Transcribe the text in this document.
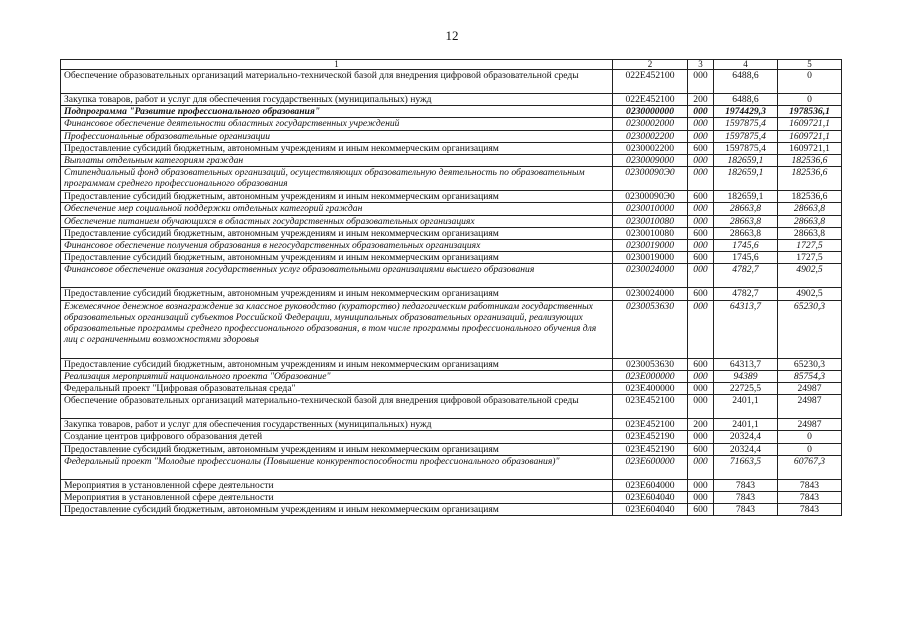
12
1	2	3	4	5
Обеспечение образовательных организаций материально-технической базой для внедрения цифровой образовательной среды	022E452100	000	6488,6	0
Закупка товаров, работ и услуг для обеспечения государственных (муниципальных) нужд	022E452100	200	6488,6	0
Подпрограмма "Развитие профессионального образования"	0230000000	000	1974429,3	1978536,1
Финансовое обеспечение деятельности областных государственных учреждений	0230002000	000	1597875,4	1609721,1
Профессиональные образовательные организации	0230002200	000	1597875,4	1609721,1
Предоставление субсидий бюджетным, автономным учреждениям и иным некоммерческим организациям	0230002200	600	1597875,4	1609721,1
Выплаты отдельным категориям граждан	0230009000	000	182659,1	182536,6
Стипендиальный фонд образовательных организаций, осуществляющих образовательную деятельность по образовательным программам среднего профессионального образования	02300090Э0	000	182659,1	182536,6
Предоставление субсидий бюджетным, автономным учреждениям и иным некоммерческим организациям	02300090Э0	600	182659,1	182536,6
Обеспечение мер социальной поддержки отдельных категорий граждан	0230010000	000	28663,8	28663,8
Обеспечение питанием обучающихся в областных государственных образовательных организациях	0230010080	000	28663,8	28663,8
Предоставление субсидий бюджетным, автономным учреждениям и иным некоммерческим организациям	0230010080	600	28663,8	28663,8
Финансовое обеспечение получения образования в негосударственных образовательных организациях	0230019000	000	1745,6	1727,5
Предоставление субсидий бюджетным, автономным учреждениям и иным некоммерческим организациям	0230019000	600	1745,6	1727,5
Финансовое обеспечение оказания государственных услуг образовательными организациями высшего образования	0230024000	000	4782,7	4902,5
Предоставление субсидий бюджетным, автономным учреждениям и иным некоммерческим организациям	0230024000	600	4782,7	4902,5
Ежемесячное денежное вознаграждение за классное руководство (кураторство) педагогическим работникам государственных образовательных организаций субъектов Российской Федерации, муниципальных образовательных организаций, реализующих образовательные программы среднего профессионального образования, в том числе программы профессионального обучения для лиц с ограниченными возможностями здоровья	0230053630	000	64313,7	65230,3
Предоставление субсидий бюджетным, автономным учреждениям и иным некоммерческим организациям	0230053630	600	64313,7	65230,3
Реализация мероприятий национального проекта "Образование"	023E000000	000	94389	85754,3
Федеральный проект "Цифровая образовательная среда"	023E400000	000	22725,5	24987
Обеспечение образовательных организаций материально-технической базой для внедрения цифровой образовательной среды	023E452100	000	2401,1	24987
Закупка товаров, работ и услуг для обеспечения государственных (муниципальных) нужд	023E452100	200	2401,1	24987
Создание центров цифрового образования детей	023E452190	000	20324,4	0
Предоставление субсидий бюджетным, автономным учреждениям и иным некоммерческим организациям	023E452190	600	20324,4	0
Федеральный проект "Молодые профессионалы (Повышение конкурентоспособности профессионального образования)"	023E600000	000	71663,5	60767,3
Мероприятия в установленной сфере деятельности	023E604000	000	7843	7843
Мероприятия в установленной сфере деятельности	023E604040	000	7843	7843
Предоставление субсидий бюджетным, автономным учреждениям и иным некоммерческим организациям	023E604040	600	7843	7843
